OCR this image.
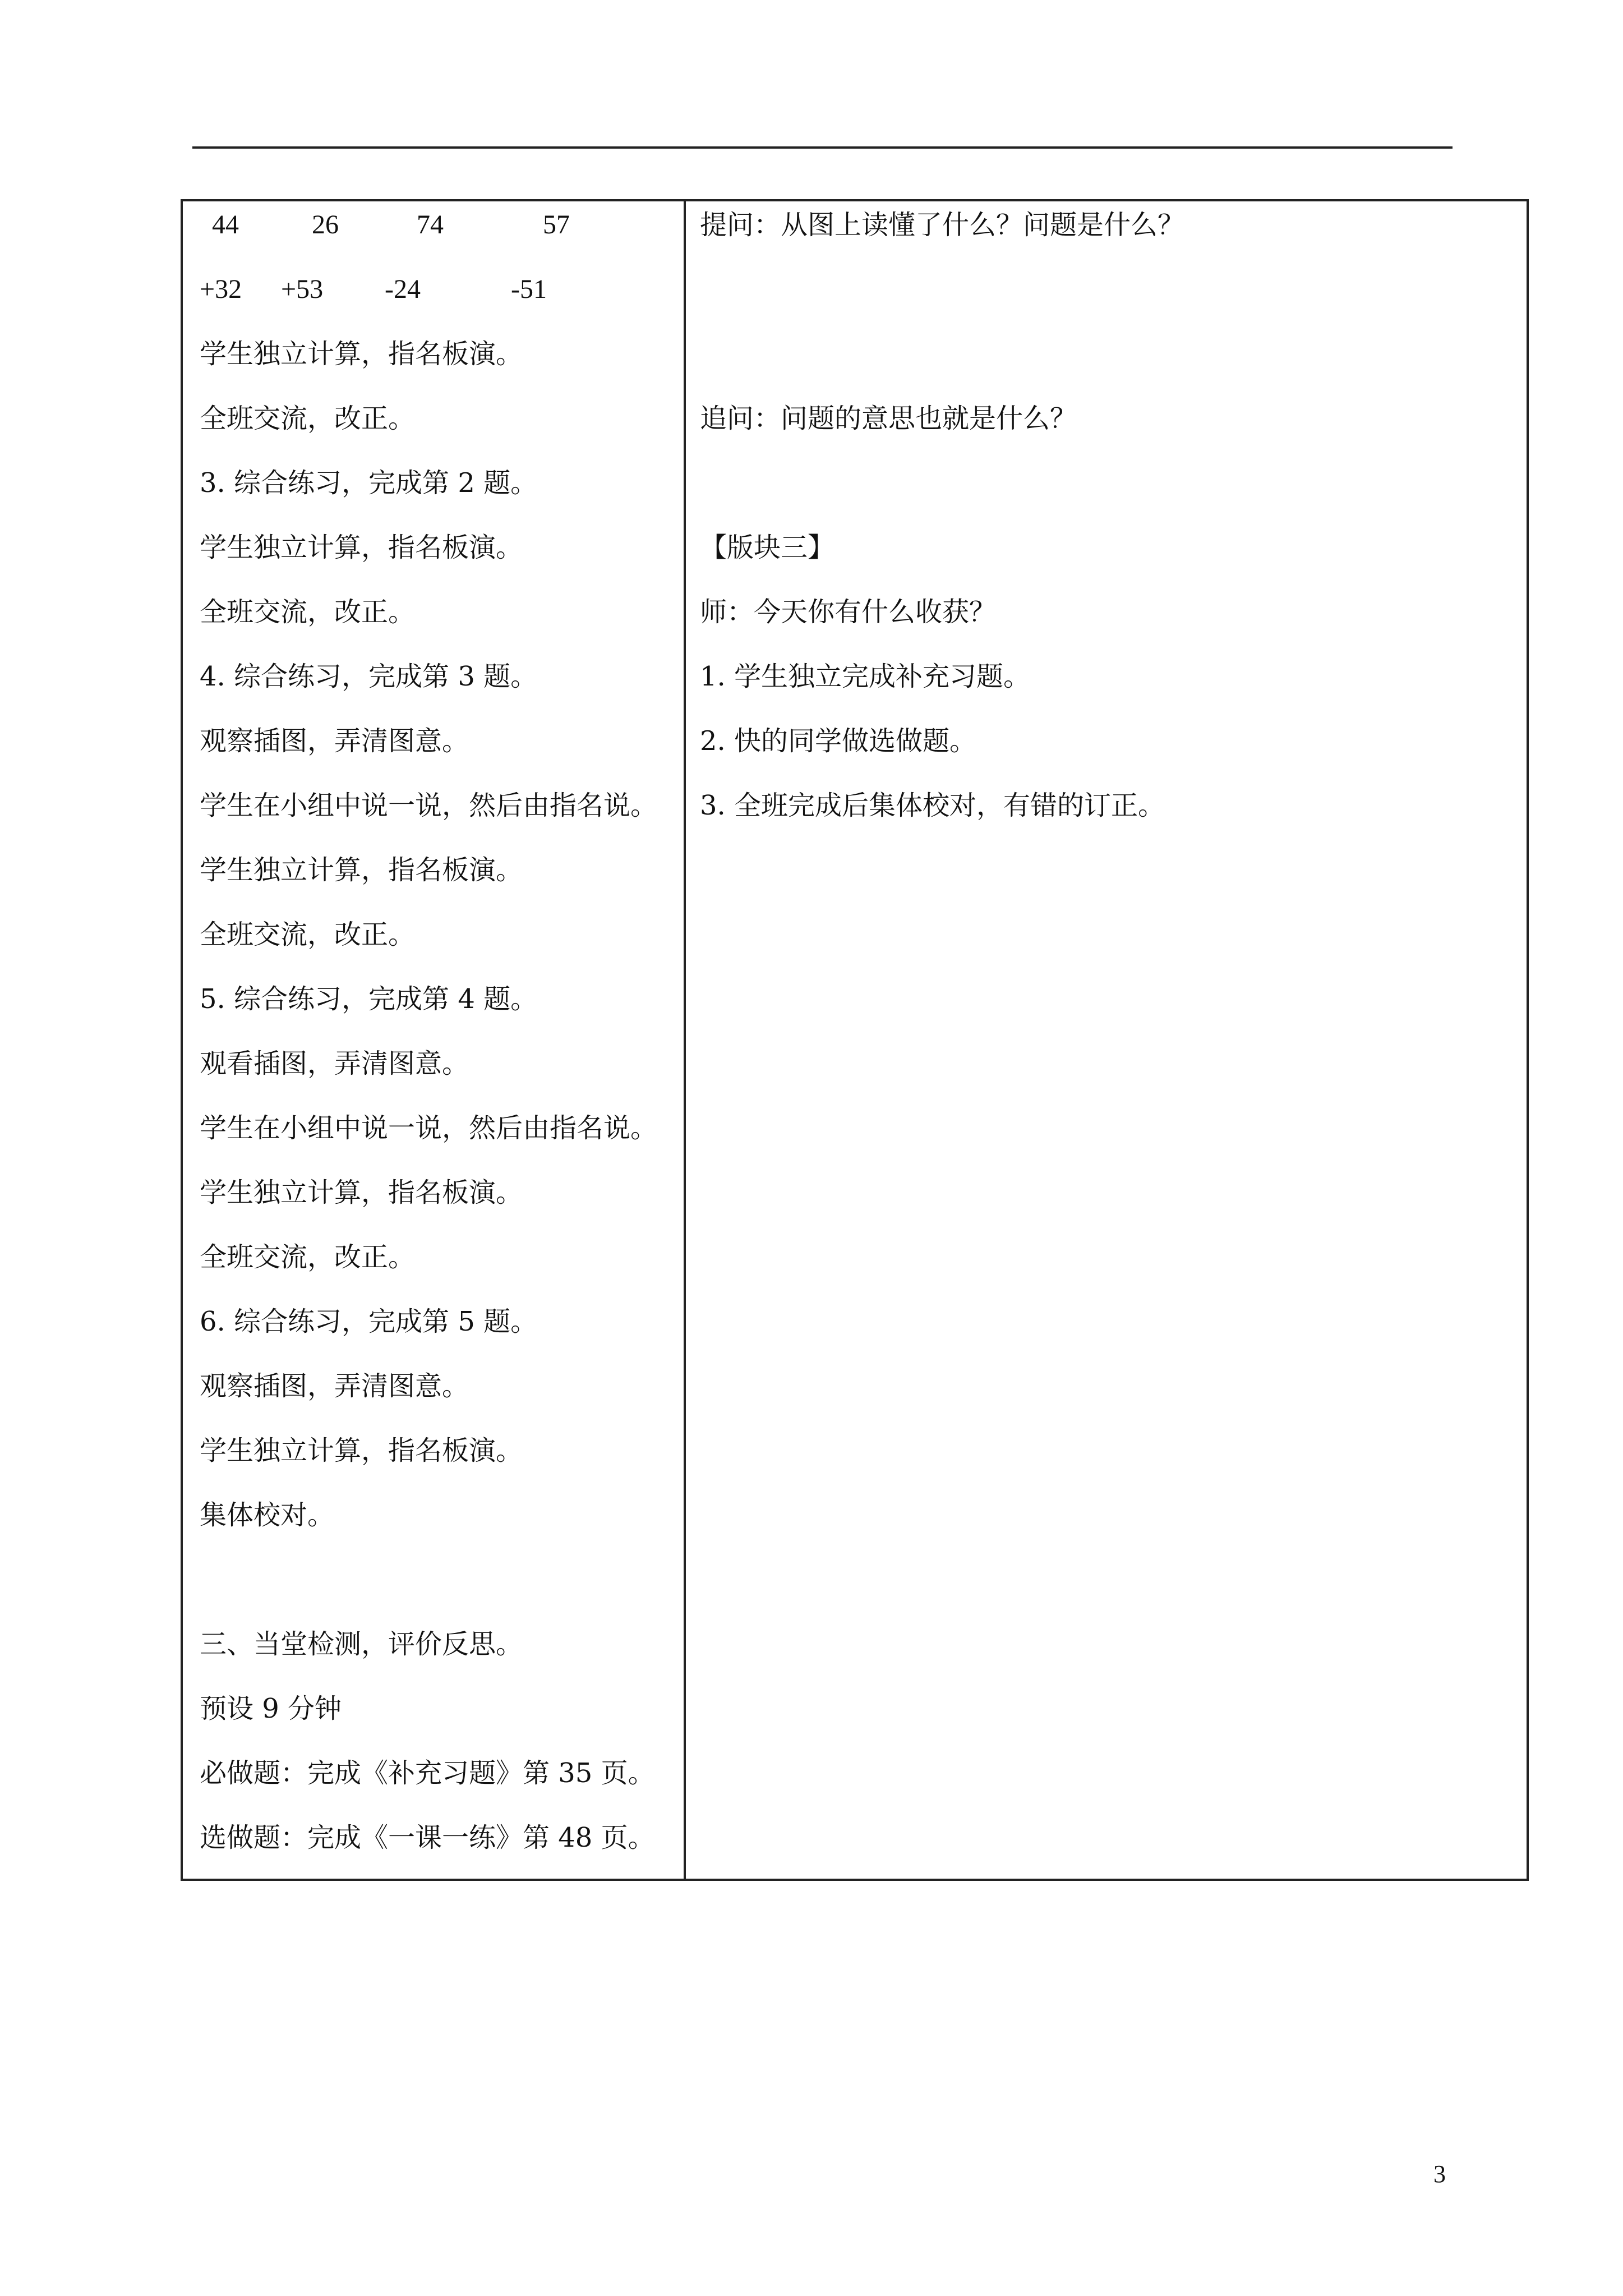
44	26	74	57
+32 +53 -24	-51
学生独立计算，指名板演。
全班交流，改正。
3. 综合练习，完成第 2 题。
学生独立计算，指名板演。
全班交流，改正。
4. 综合练习，完成第 3 题。
观察插图，弄清图意。
学生在小组中说一说，然后由指名说。
学生独立计算，指名板演。
全班交流，改正。
5. 综合练习，完成第 4 题。
观看插图，弄清图意。
学生在小组中说一说，然后由指名说。
学生独立计算，指名板演。
全班交流，改正。
6. 综合练习，完成第 5 题。
观察插图，弄清图意。
学生独立计算，指名板演。
集体校对。
三、当堂检测，评价反思。
预设 9 分钟
必做题：完成《补充习题》第 35 页。
选做题：完成《一课一练》第 48 页。
提问：从图上读懂了什么？问题是什么？
追问：问题的意思也就是什么？
【版块三】
师：今天你有什么收获？
1. 学生独立完成补充习题。
2. 快的同学做选做题。
3. 全班完成后集体校对，有错的订正。
3
